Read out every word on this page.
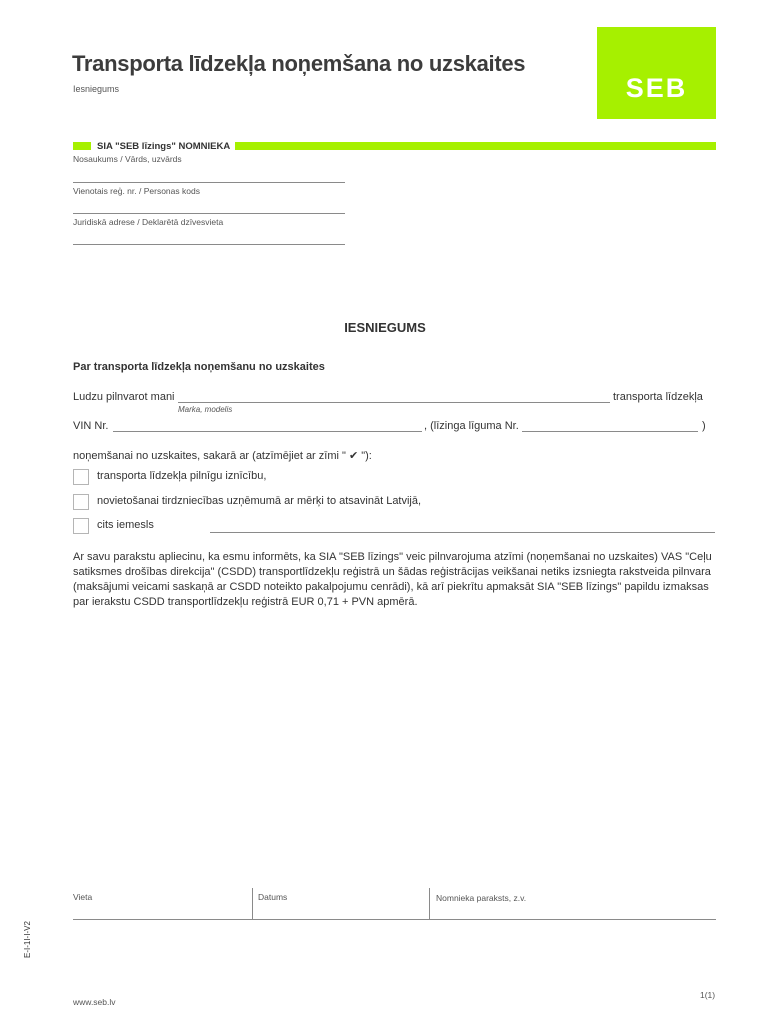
Transporta līdzekļa noņemšana no uzskaites
Iesniegums	SEB
SIA "SEB līzings" NOMNIEKA
Nosaukums / Vārds, uzvārds
Vienotais reģ. nr. / Personas kods
Juridiskā adrese / Deklarētā dzīvesvieta
IESNIEGUMS
Par transporta līdzekļa noņemšanu no uzskaites
Ludzu pilnvarot mani	transporta līdzekļa
Marka, modelis
VIN Nr.	, (līzinga līguma Nr.	)
noņemšanai no uzskaites, sakarā ar (atzīmējiet ar zīmi " ✔ "):
transporta līdzekļa pilnīgu iznīcību,
novietošanai tirdzniecības uzņēmumā ar mērķi to atsavināt Latvijā,
cits iemesls
Ar savu parakstu apliecinu, ka esmu informēts, ka SIA "SEB līzings" veic pilnvarojuma atzīmi (noņemšanai no uzskaites) VAS "Ceļu satiksmes drošības direkcija" (CSDD) transportlīdzekļu reģistrā un šādas reģistrācijas veikšanai netiks izsniegta rakstveida pilnvara (maksājumi veicami saskaņā ar CSDD noteikto pakalpojumu cenrādi), kā arī piekrītu apmaksāt SIA "SEB līzings" papildu izmaksas par ierakstu CSDD transportlīdzekļu reģistrā EUR 0,71 + PVN apmērā.
Vieta	Datums	Nomnieka paraksts, z.v.
E-I-1I-I-V2
www.seb.lv
1(1)
